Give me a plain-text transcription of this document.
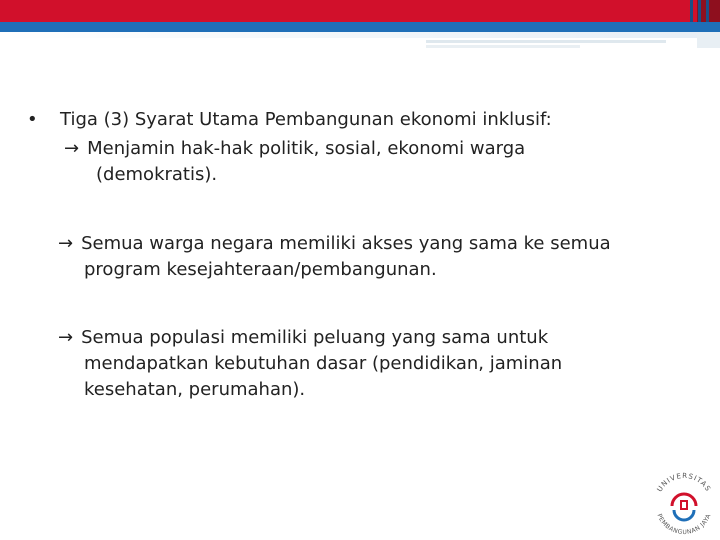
• Tiga (3) Syarat Utama Pembangunan ekonomi inklusif:
→ Menjamin hak-hak politik, sosial, ekonomi warga
(demokratis).
→ Semua warga negara memiliki akses yang sama ke semua
program kesejahteraan/pembangunan.
→ Semua populasi memiliki peluang yang sama untuk
mendapatkan kebutuhan dasar (pendidikan, jaminan
kesehatan, perumahan).
UNIVERSITAS
PEMBANGUNAN JAYA
